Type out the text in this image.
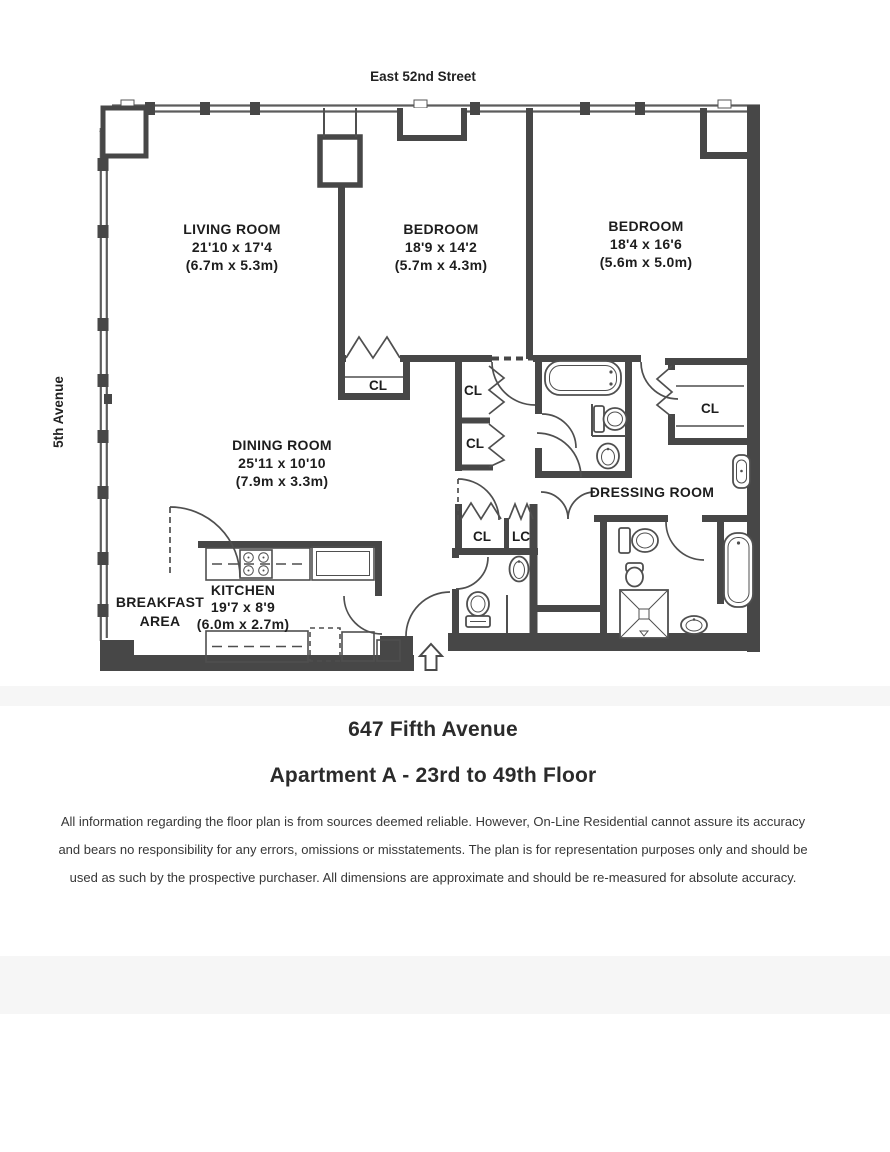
East 52nd Street
5th Avenue
LIVING ROOM
21'10 x 17'4
(6.7m x 5.3m)
BEDROOM
18'9 x 14'2
(5.7m x 4.3m)
BEDROOM
18'4 x 16'6
(5.6m x 5.0m)
DINING ROOM
25'11 x 10'10
(7.9m x 3.3m)
KITCHEN
19'7 x 8'9
(6.0m x 2.7m)
BREAKFAST
AREA
DRESSING ROOM
CL	CL
CL
CL
CL LC
647 Fifth Avenue
Apartment A - 23rd to 49th Floor
All information regarding the floor plan is from sources deemed reliable. However, On-Line Residential cannot assure its accuracy
and bears no responsibility for any errors, omissions or misstatements. The plan is for representation purposes only and should be
used as such by the prospective purchaser. All dimensions are approximate and should be re-measured for absolute accuracy.
